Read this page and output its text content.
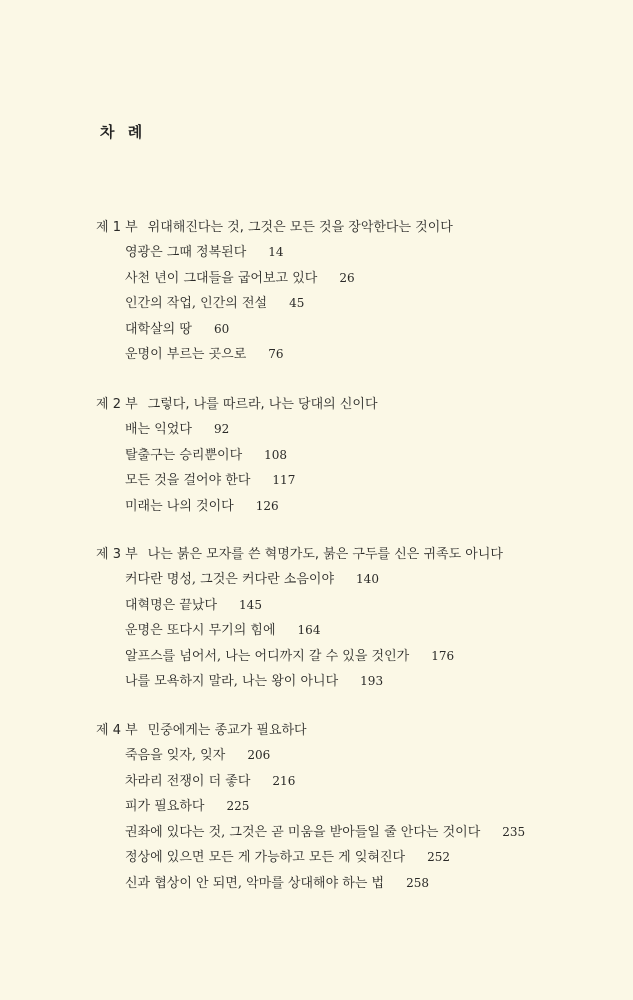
차 례
제 1 부 위대해진다는 것, 그것은 모든 것을 장악한다는 것이다
영광은 그때 정복된다 14
사천 년이 그대들을 굽어보고 있다 26
인간의 작업, 인간의 전설 45
대학살의 땅 60
운명이 부르는 곳으로 76
제 2 부 그렇다, 나를 따르라, 나는 당대의 신이다
배는 익었다 92
탈출구는 승리뿐이다 108
모든 것을 걸어야 한다 117
미래는 나의 것이다 126
제 3 부 나는 붉은 모자를 쓴 혁명가도, 붉은 구두를 신은 귀족도 아니다
커다란 명성, 그것은 커다란 소음이야 140
대혁명은 끝났다 145
운명은 또다시 무기의 힘에 164
알프스를 넘어서, 나는 어디까지 갈 수 있을 것인가 176
나를 모욕하지 말라, 나는 왕이 아니다 193
제 4 부 민중에게는 종교가 필요하다
죽음을 잊자, 잊자 206
차라리 전쟁이 더 좋다 216
피가 필요하다 225
권좌에 있다는 것, 그것은 곧 미움을 받아들일 줄 안다는 것이다 235
정상에 있으면 모든 게 가능하고 모든 게 잊혀진다 252
신과 협상이 안 되면, 악마를 상대해야 하는 법 258
